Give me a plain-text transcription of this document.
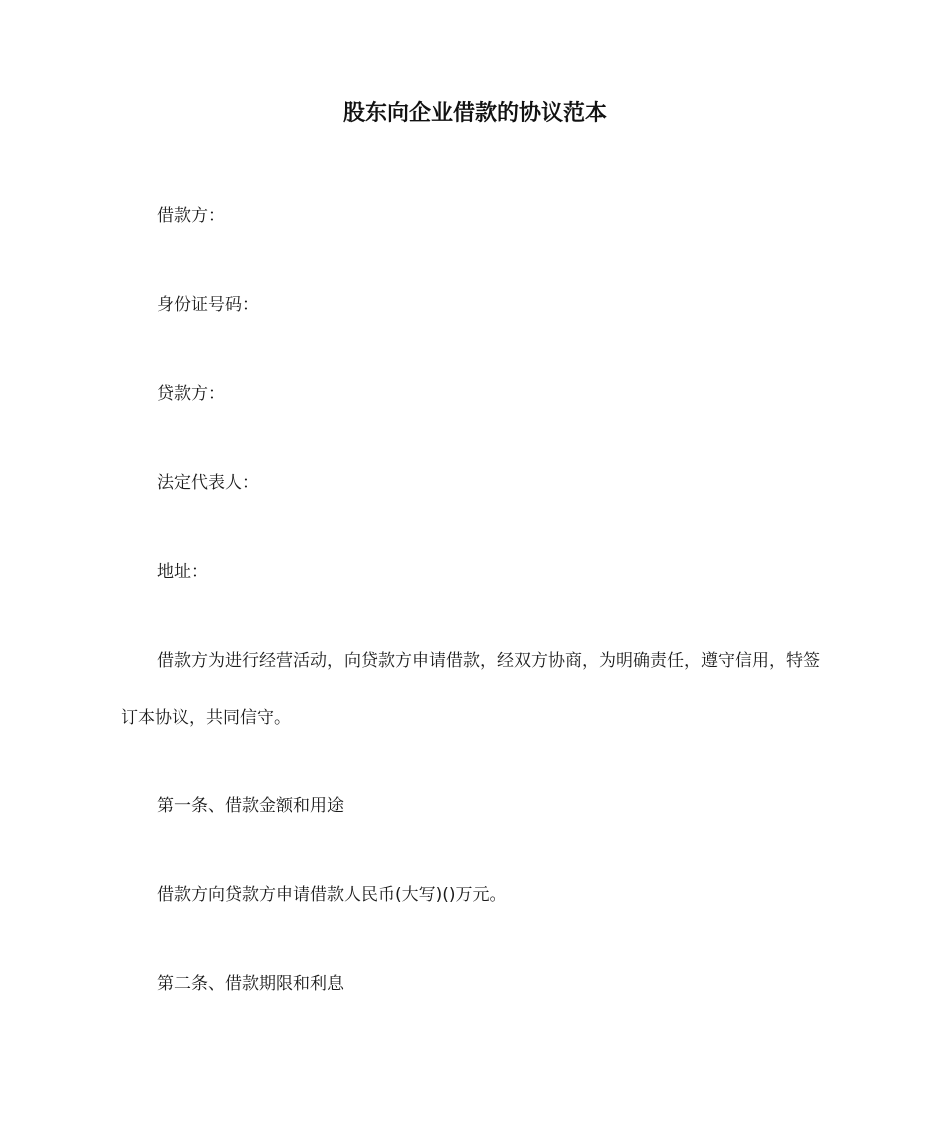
股东向企业借款的协议范本

借款方：

身份证号码：

贷款方：

法定代表人：

地址：

借款方为进行经营活动，向贷款方申请借款，经双方协商，为明确责任，遵守信用，特签订本协议，共同信守。

第一条、借款金额和用途

借款方向贷款方申请借款人民币(大写)()万元。

第二条、借款期限和利息
